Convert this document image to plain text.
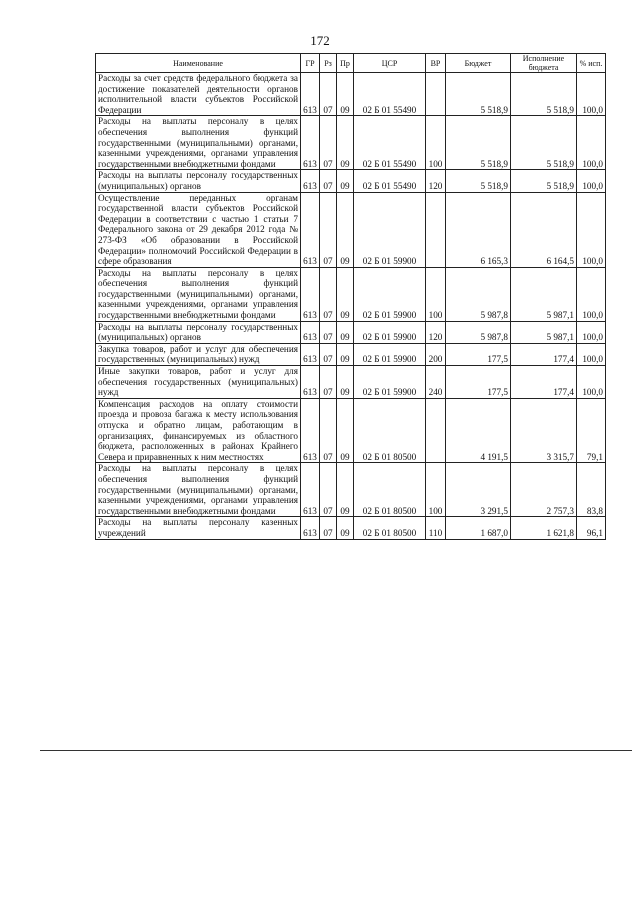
172
Наименование	ГР	Рз	Пр	ЦСР	ВР	Бюджет	Исполнение бюджета	% исп.
Расходы за счет средств федерального бюджета за достижение показателей деятельности органов исполнительной власти субъектов Российской Федерации	613	07	09	02 Б 01 55490		5 518,9	5 518,9	100,0
Расходы на выплаты персоналу в целях обеспечения выполнения функций государственными (муниципальными) органами, казенными учреждениями, органами управления государственными внебюджетными фондами	613	07	09	02 Б 01 55490	100	5 518,9	5 518,9	100,0
Расходы на выплаты персоналу государственных (муниципальных) органов	613	07	09	02 Б 01 55490	120	5 518,9	5 518,9	100,0
Осуществление переданных органам государственной власти субъектов Российской Федерации в соответствии с частью 1 статьи 7 Федерального закона от 29 декабря 2012 года № 273-ФЗ «Об образовании в Российской Федерации» полномочий Российской Федерации в сфере образования	613	07	09	02 Б 01 59900		6 165,3	6 164,5	100,0
Расходы на выплаты персоналу в целях обеспечения выполнения функций государственными (муниципальными) органами, казенными учреждениями, органами управления государственными внебюджетными фондами	613	07	09	02 Б 01 59900	100	5 987,8	5 987,1	100,0
Расходы на выплаты персоналу государственных (муниципальных) органов	613	07	09	02 Б 01 59900	120	5 987,8	5 987,1	100,0
Закупка товаров, работ и услуг для обеспечения государственных (муниципальных) нужд	613	07	09	02 Б 01 59900	200	177,5	177,4	100,0
Иные закупки товаров, работ и услуг для обеспечения государственных (муниципальных) нужд	613	07	09	02 Б 01 59900	240	177,5	177,4	100,0
Компенсация расходов на оплату стоимости проезда и провоза багажа к месту использования отпуска и обратно лицам, работающим в организациях, финансируемых из областного бюджета, расположенных в районах Крайнего Севера и приравненных к ним местностях	613	07	09	02 Б 01 80500		4 191,5	3 315,7	79,1
Расходы на выплаты персоналу в целях обеспечения выполнения функций государственными (муниципальными) органами, казенными учреждениями, органами управления государственными внебюджетными фондами	613	07	09	02 Б 01 80500	100	3 291,5	2 757,3	83,8
Расходы на выплаты персоналу казенных учреждений	613	07	09	02 Б 01 80500	110	1 687,0	1 621,8	96,1
